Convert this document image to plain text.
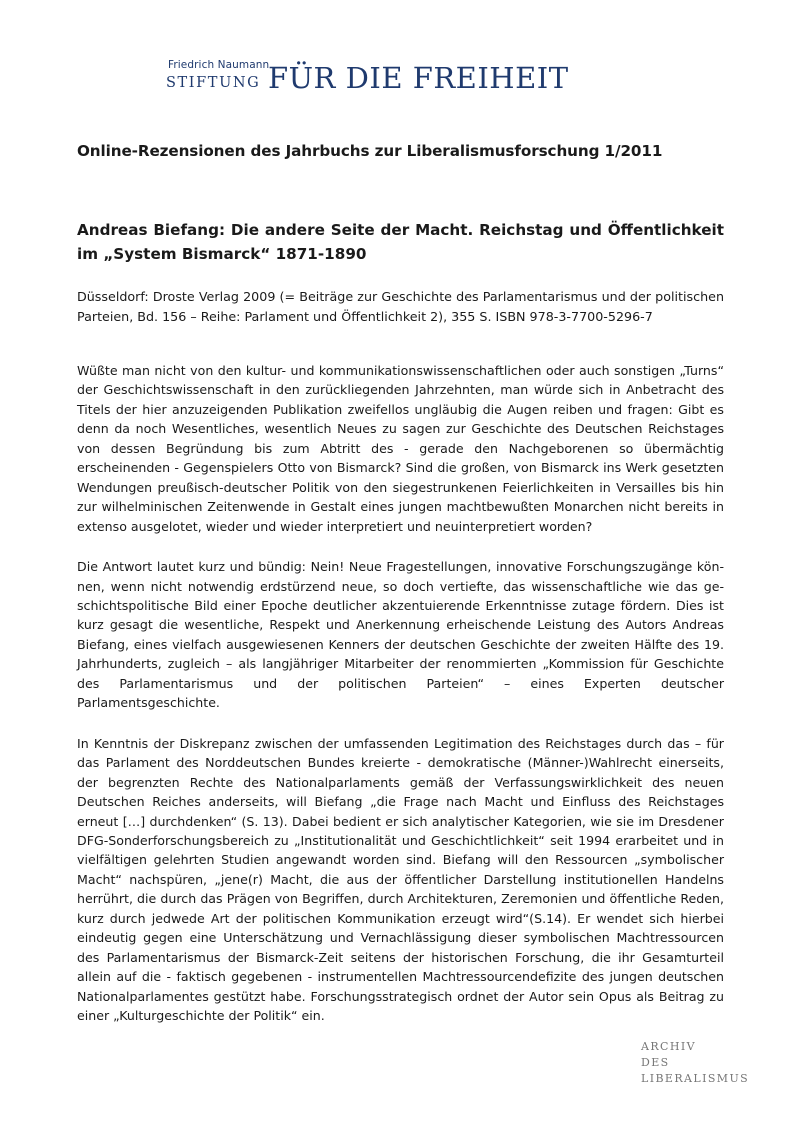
Friedrich Naumann
STIFTUNG FÜR DIE FREIHEIT
Online-Rezensionen des Jahrbuchs zur Liberalismusforschung 1/2011
Andreas Biefang: Die andere Seite der Macht. Reichstag und Öffentlichkeit im „System Bismarck“ 1871-1890
Düsseldorf: Droste Verlag 2009 (= Beiträge zur Geschichte des Parlamentarismus und der politischen Parteien, Bd. 156 – Reihe: Parlament und Öffentlichkeit 2), 355 S. ISBN 978-3-7700-5296-7

Wüßte man nicht von den kultur- und kommunikationswissenschaftlichen oder auch sonstigen „Turns“ der Geschichtswissenschaft in den zurückliegenden Jahrzehnten, man würde sich in Anbetracht des Titels der hier anzuzeigenden Publikation zweifellos ungläubig die Augen reiben und fragen: Gibt es denn da noch Wesentliches, wesentlich Neues zu sagen zur Geschichte des Deutschen Reichstages von dessen Begründung bis zum Abtritt des - gerade den Nachgeborenen so übermächtig erscheinenden - Gegenspielers Otto von Bismarck? Sind die großen, von Bismarck ins Werk gesetzten Wendungen preußisch-deutscher Politik von den siegestrunkenen Feierlichkeiten in Versailles bis hin zur wilhelminischen Zeitenwende in Gestalt eines jungen machtbewußten Monarchen nicht bereits in extenso ausgelotet, wieder und wieder interpretiert und neuinterpretiert worden?

Die Antwort lautet kurz und bündig: Nein! Neue Fragestellungen, innovative Forschungszugänge können, wenn nicht notwendig erdstürzend neue, so doch vertiefte, das wissenschaftliche wie das geschichtspolitische Bild einer Epoche deutlicher akzentuierende Erkenntnisse zutage fördern. Dies ist kurz gesagt die wesentliche, Respekt und Anerkennung erheischende Leistung des Autors Andreas Biefang, eines vielfach ausgewiesenen Kenners der deutschen Geschichte der zweiten Hälfte des 19. Jahrhunderts, zugleich – als langjähriger Mitarbeiter der renommierten „Kommission für Geschichte des Parlamentarismus und der politischen Parteien“ – eines Experten deutscher Parlamentsgeschichte.

In Kenntnis der Diskrepanz zwischen der umfassenden Legitimation des Reichstages durch das – für das Parlament des Norddeutschen Bundes kreierte - demokratische (Männer-)Wahlrecht einerseits, der begrenzten Rechte des Nationalparlaments gemäß der Verfassungswirklichkeit des neuen Deutschen Reiches anderseits, will Biefang „die Frage nach Macht und Einfluss des Reichstages erneut […] durchdenken“ (S. 13). Dabei bedient er sich analytischer Kategorien, wie sie im Dresdener DFG-Sonderforschungsbereich zu „Institutionalität und Geschichtlichkeit“ seit 1994 erarbeitet und in vielfältigen gelehrten Studien angewandt worden sind. Biefang will den Ressourcen „symbolischer Macht“ nachspüren, „jene(r) Macht, die aus der öffentlicher Darstellung institutionellen Handelns herrührt, die durch das Prägen von Begriffen, durch Architekturen, Zeremonien und öffentliche Reden, kurz durch jedwede Art der politischen Kommunikation erzeugt wird“(S.14). Er wendet sich hierbei eindeutig gegen eine Unterschätzung und Vernachlässigung dieser symbolischen Machtressourcen des Parlamentarismus der Bismarck-Zeit seitens der historischen Forschung, die ihr Gesamturteil allein auf die - faktisch gegebenen - instrumentellen Machtressourcendefizite des jungen deutschen Nationalparlamentes gestützt habe. Forschungsstrategisch ordnet der Autor sein Opus als Beitrag zu einer „Kulturgeschichte der Politik“ ein.

ARCHIV
DES
LIBERALISMUS
